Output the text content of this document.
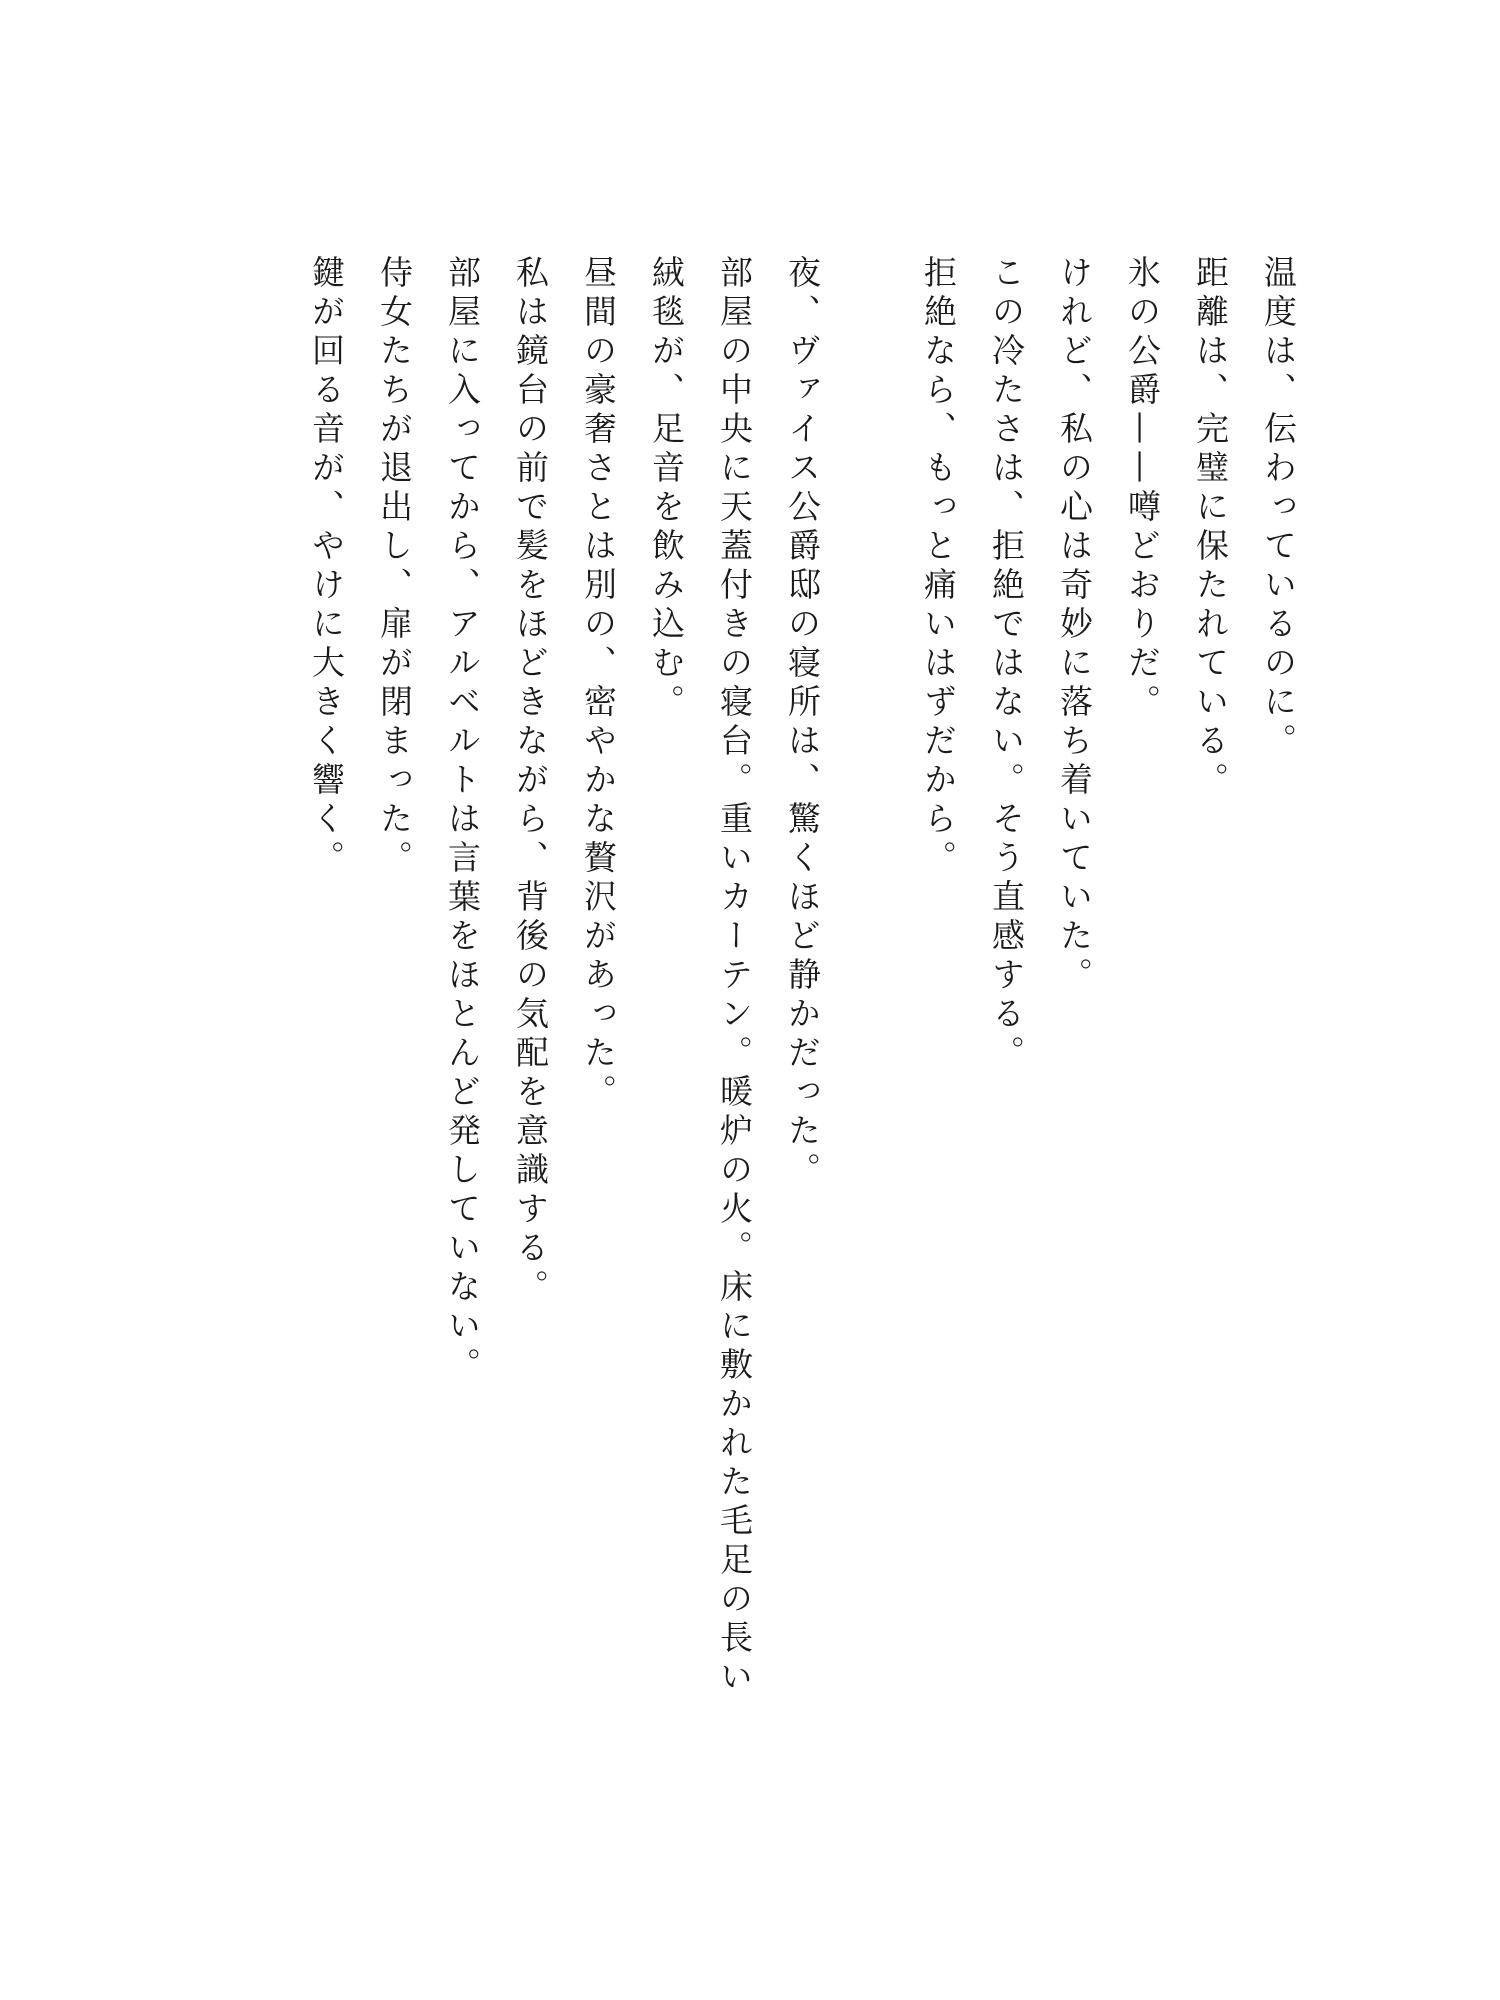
温度は、伝わっているのに。

距離は、完璧に保たれている。

氷の公爵——噂どおりだ。

けれど、私の心は奇妙に落ち着いていた。

この冷たさは、拒絶ではない。そう直感する。

拒絶なら、もっと痛いはずだから。

夜、ヴァイス公爵邸の寝所は、驚くほど静かだった。

部屋の中央に天蓋付きの寝台。重いカーテン。暖炉の火。床に敷かれた毛足の長い絨毯が、足音を飲み込む。

昼間の豪奢さとは別の、密やかな贅沢があった。

私は鏡台の前で髪をほどきながら、背後の気配を意識する。

部屋に入ってから、アルベルトは言葉をほとんど発していない。

侍女たちが退出し、扉が閉まった。

鍵が回る音が、やけに大きく響く。
